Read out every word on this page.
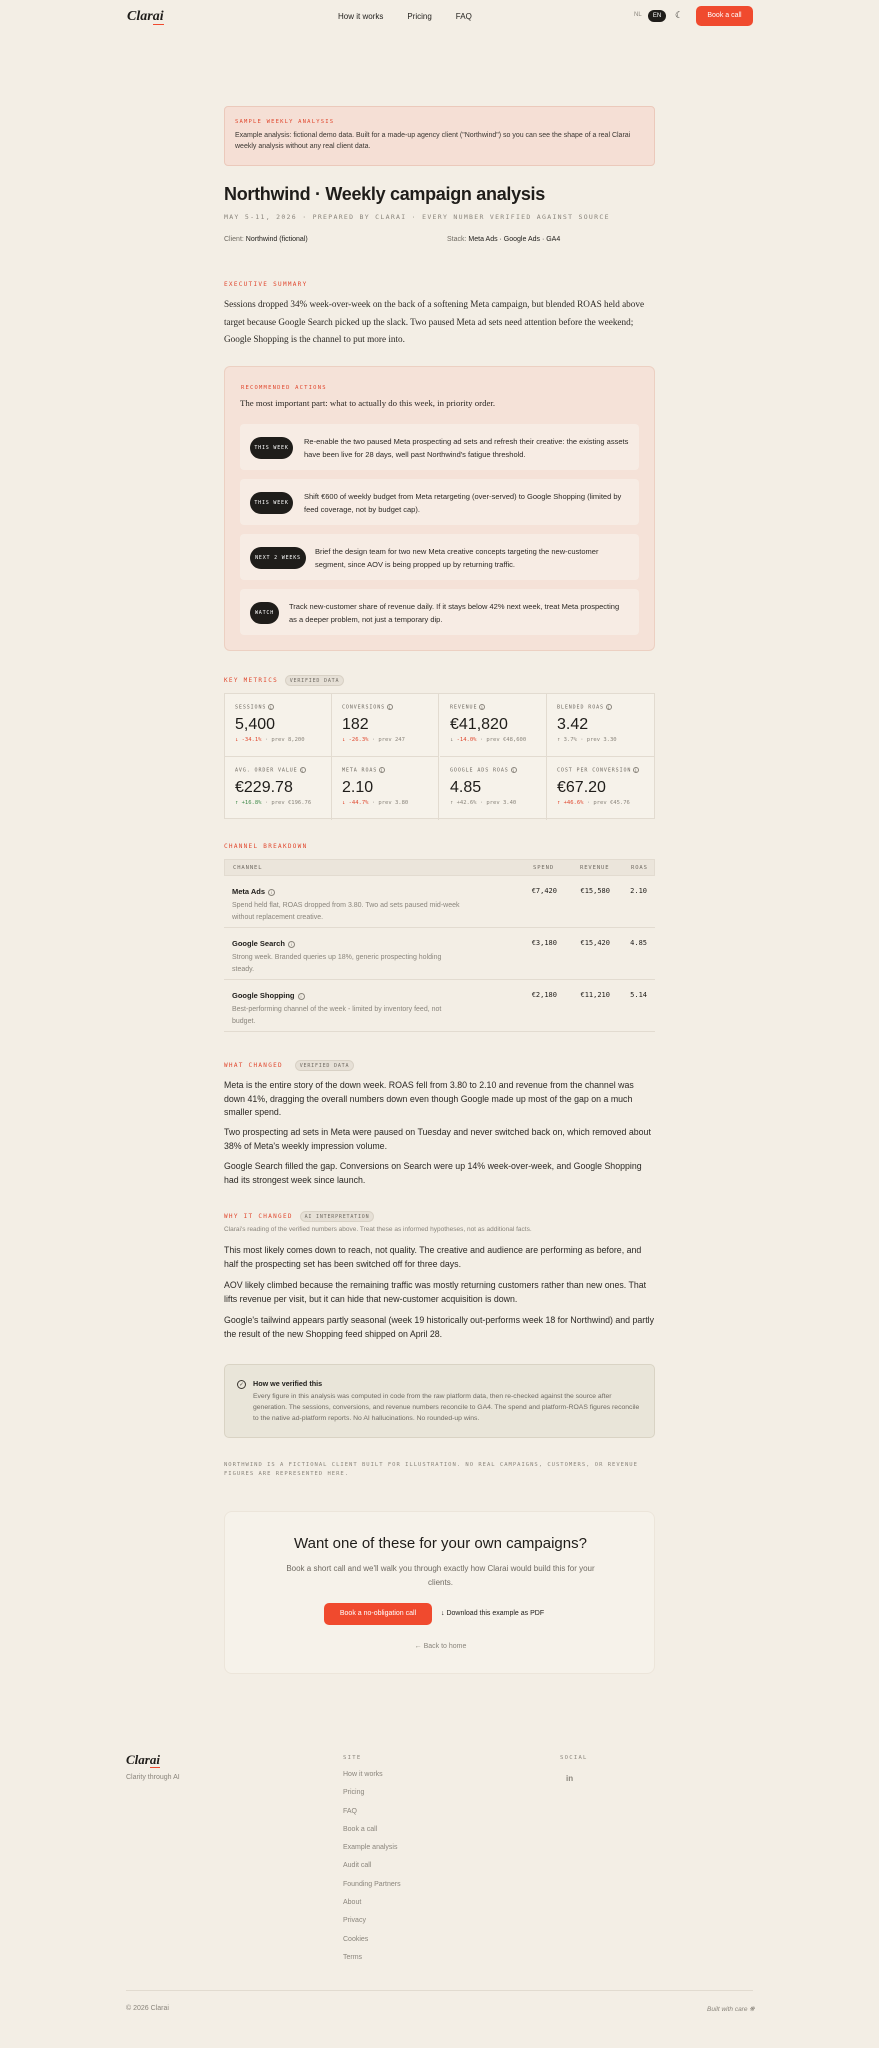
Clarai	How it works	Pricing	FAQ	NL	EN	☾	Book a call
SAMPLE WEEKLY ANALYSIS
Example analysis: fictional demo data. Built for a made-up agency client ("Northwind") so you can see the shape of a real Clarai weekly analysis without any real client data.
Northwind · Weekly campaign analysis
MAY 5-11, 2026 · PREPARED BY CLARAI · EVERY NUMBER VERIFIED AGAINST SOURCE
Client: Northwind (fictional)	Stack: Meta Ads · Google Ads · GA4
EXECUTIVE SUMMARY
Sessions dropped 34% week-over-week on the back of a softening Meta campaign, but blended ROAS held above target because Google Search picked up the slack. Two paused Meta ad sets need attention before the weekend; Google Shopping is the channel to put more into.
RECOMMENDED ACTIONS
The most important part: what to actually do this week, in priority order.
THIS WEEK
Re-enable the two paused Meta prospecting ad sets and refresh their creative: the existing assets have been live for 28 days, well past Northwind's fatigue threshold.
THIS WEEK
Shift €600 of weekly budget from Meta retargeting (over-served) to Google Shopping (limited by feed coverage, not by budget cap).
NEXT 2 WEEKS
Brief the design team for two new Meta creative concepts targeting the new-customer segment, since AOV is being propped up by returning traffic.
WATCH
Track new-customer share of revenue daily. If it stays below 42% next week, treat Meta prospecting as a deeper problem, not just a temporary dip.
KEY METRICS	VERIFIED DATA
SESSIONS i
5,400
↓ -34.1% · prev 8,200
CONVERSIONS i
182
↓ -26.3% · prev 247
REVENUE i
€41,820
↓ -14.0% · prev €48,600
BLENDED ROAS i
3.42
↑ 3.7% · prev 3.30
AVG. ORDER VALUE i
€229.78
↑ +16.8% · prev €196.76
META ROAS i
2.10
↓ -44.7% · prev 3.80
GOOGLE ADS ROAS i
4.85
↑ +42.6% · prev 3.40
COST PER CONVERSION i
€67.20
↑ +46.6% · prev €45.76
CHANNEL BREAKDOWN
CHANNEL	SPEND	REVENUE	ROAS
Meta Ads i
Spend held flat, ROAS dropped from 3.80. Two ad sets paused mid-week without replacement creative.
€7,420	€15,580	2.10
Google Search i
Strong week. Branded queries up 18%, generic prospecting holding steady.
€3,180	€15,420	4.85
Google Shopping i
Best-performing channel of the week - limited by inventory feed, not budget.
€2,180	€11,210	5.14
WHAT CHANGED	VERIFIED DATA
Meta is the entire story of the down week. ROAS fell from 3.80 to 2.10 and revenue from the channel was down 41%, dragging the overall numbers down even though Google made up most of the gap on a much smaller spend.
Two prospecting ad sets in Meta were paused on Tuesday and never switched back on, which removed about 38% of Meta's weekly impression volume.
Google Search filled the gap. Conversions on Search were up 14% week-over-week, and Google Shopping had its strongest week since launch.
WHY IT CHANGED	AI INTERPRETATION
Clarai's reading of the verified numbers above. Treat these as informed hypotheses, not as additional facts.
This most likely comes down to reach, not quality. The creative and audience are performing as before, and half the prospecting set has been switched off for three days.
AOV likely climbed because the remaining traffic was mostly returning customers rather than new ones. That lifts revenue per visit, but it can hide that new-customer acquisition is down.
Google's tailwind appears partly seasonal (week 19 historically out-performs week 18 for Northwind) and partly the result of the new Shopping feed shipped on April 28.
✓	How we verified this
Every figure in this analysis was computed in code from the raw platform data, then re-checked against the source after generation. The sessions, conversions, and revenue numbers reconcile to GA4. The spend and platform-ROAS figures reconcile to the native ad-platform reports. No AI hallucinations. No rounded-up wins.
NORTHWIND IS A FICTIONAL CLIENT BUILT FOR ILLUSTRATION. NO REAL CAMPAIGNS, CUSTOMERS, OR REVENUE FIGURES ARE REPRESENTED HERE.
Want one of these for your own campaigns?
Book a short call and we'll walk you through exactly how Clarai would build this for your clients.
Book a no-obligation call	↓ Download this example as PDF
← Back to home
Clarai
Clarity through AI
SITE
How it works
Pricing
FAQ
Book a call
Example analysis
Audit call
Founding Partners
About
Privacy
Cookies
Terms
SOCIAL
in
© 2026 Clarai	Built with care ❋
